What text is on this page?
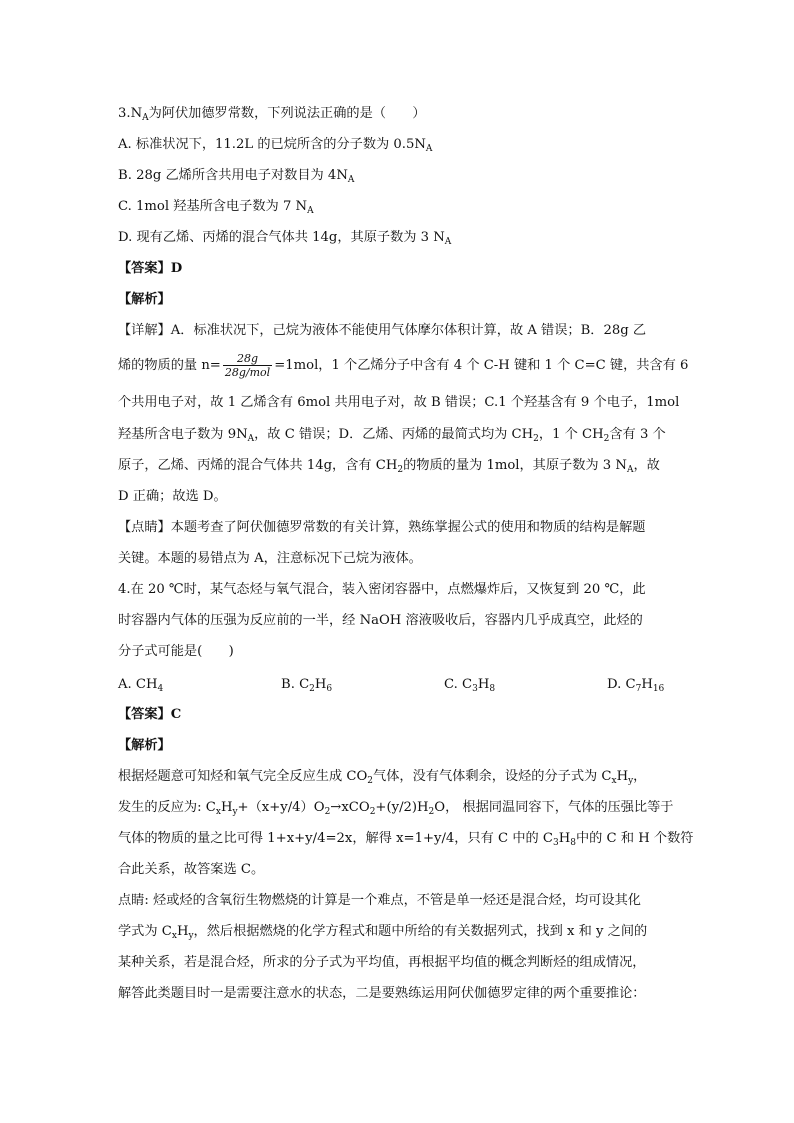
$3.N_A$为阿伏加德罗常数，下列说法正确的是（　　）
A. 标准状况下，11.2L 的已烷所含的分子数为 $0.5N_A$
B. 28g 乙烯所含共用电子对数目为 $4N_A$
C. 1mol 羟基所含电子数为 7 $N_A$
D. 现有乙烯、丙烯的混合气体共 14g，其原子数为 3 $N_A$
【答案】D
【解析】
【详解】A．标准状况下，己烷为液体不能使用气体摩尔体积计算，故 A 错误；B．28g 乙
烯的物质的量 $n= \frac{28g}{\text{28g/mol}} =1mol$，1 个乙烯分子中含有 4 个 C-H 键和 1 个 C=C 键，共含有 6
个共用电子对，故 1 乙烯含有 6mol 共用电子对，故 B 错误；C.1 个羟基含有 9 个电子，1mol
羟基所含电子数为 $9N_A$，故 C 错误；D．乙烯、丙烯的最简式均为 $CH_2$，1 个 $CH_2$含有 3 个
原子，乙烯、丙烯的混合气体共 14g，含有 $CH_2$的物质的量为 1mol，其原子数为 3 $N_A$，故
D 正确；故选 D。
【点睛】本题考查了阿伏伽德罗常数的有关计算，熟练掌握公式的使用和物质的结构是解题
关键。本题的易错点为 A，注意标况下己烷为液体。
4.在 20 ℃时，某气态烃与氧气混合，装入密闭容器中，点燃爆炸后，又恢复到 20 ℃，此
时容器内气体的压强为反应前的一半，经 NaOH 溶液吸收后，容器内几乎成真空，此烃的
分子式可能是(　　)
A. $CH_4$	B. $C_2H_6$	C. $C_3H_8$	D. $C_7H_{16}$
【答案】C
【解析】
根据烃题意可知烃和氧气完全反应生成 $CO_2$气体，没有气体剩余，设烃的分子式为 $C_xH_y$，
发生的反应为: $C_xH_y+(x+y/4)O_2\to xCO_2+(y/2)H_2O$， 根据同温同容下，气体的压强比等于
气体的物质的量之比可得 1+x+y/4=2x，解得 x=1+y/4，只有 C 中的 $C_3H_8$中的 C 和 H 个数符
合此关系，故答案选 C。
点睛: 烃或烃的含氧衍生物燃烧的计算是一个难点，不管是单一烃还是混合烃，均可设其化
学式为 $C_xH_y$，然后根据燃烧的化学方程式和题中所给的有关数据列式，找到 x 和 y 之间的
某种关系，若是混合烃，所求的分子式为平均值，再根据平均值的概念判断烃的组成情况，
解答此类题目时一是需要注意水的状态，二是要熟练运用阿伏伽德罗定律的两个重要推论：
